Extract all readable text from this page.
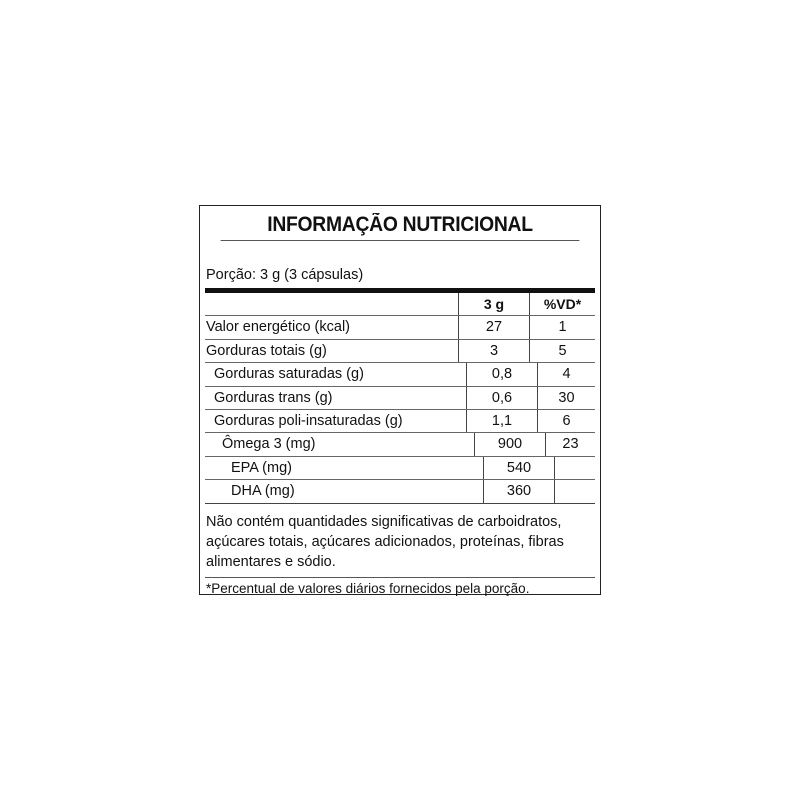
INFORMAÇÃO NUTRICIONAL
Porção: 3 g (3 cápsulas)
3 g	%VD*
Valor energético (kcal)	27	1
Gorduras totais (g)	3	5
Gorduras saturadas (g)	0,8	4
Gorduras trans (g)	0,6	30
Gorduras poli-insaturadas (g)	1,1	6
Ômega 3 (mg)	900	23
EPA (mg)	540
DHA (mg)	360
Não contém quantidades significativas de carboidratos, açúcares totais, açúcares adicionados, proteínas, fibras alimentares e sódio.
*Percentual de valores diários fornecidos pela porção.
